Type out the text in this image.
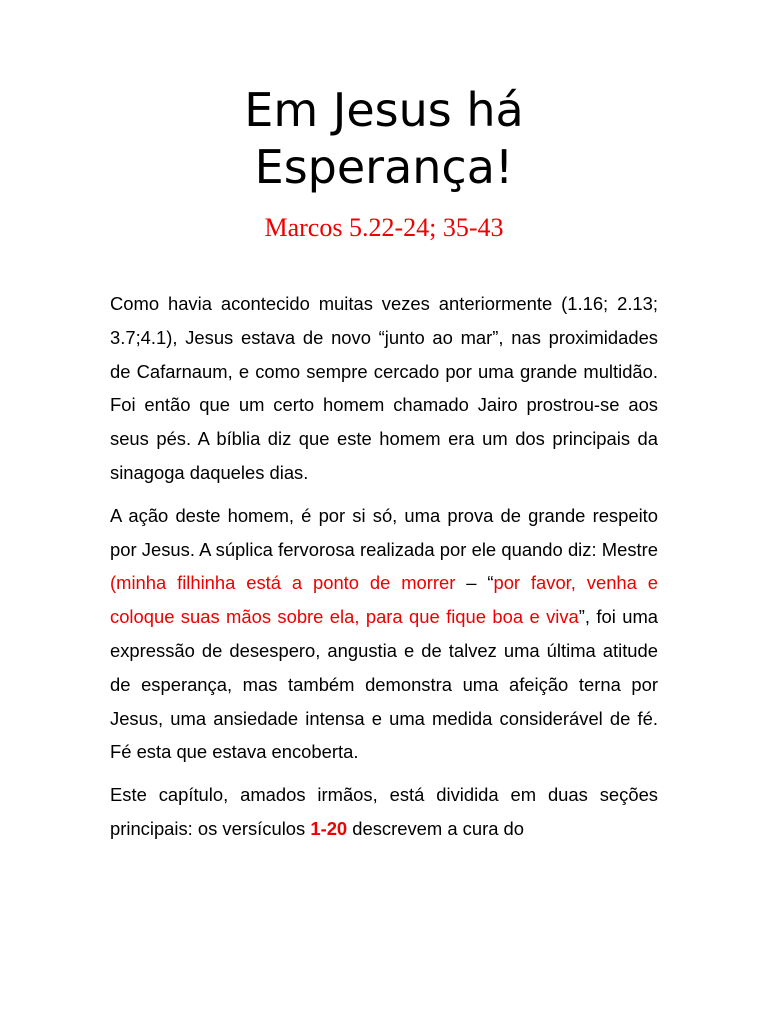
Em Jesus há
Esperança!

Marcos 5.22-24; 35-43

Como havia acontecido muitas vezes anteriormente (1.16; 2.13; 3.7;4.1), Jesus estava de novo “junto ao mar”, nas proximidades de Cafarnaum, e como sempre cercado por uma grande multidão. Foi então que um certo homem chamado Jairo prostrou-se aos seus pés. A bíblia diz que este homem era um dos principais da sinagoga daqueles dias.

A ação deste homem, é por si só, uma prova de grande respeito por Jesus. A súplica fervorosa realizada por ele quando diz: Mestre (minha filhinha está a ponto de morrer – “por favor, venha e coloque suas mãos sobre ela, para que fique boa e viva”, foi uma expressão de desespero, angustia e de talvez uma última atitude de esperança, mas também demonstra uma afeição terna por Jesus, uma ansiedade intensa e uma medida considerável de fé. Fé esta que estava encoberta.

Este capítulo, amados irmãos, está dividida em duas seções principais: os versículos 1-20 descrevem a cura do
